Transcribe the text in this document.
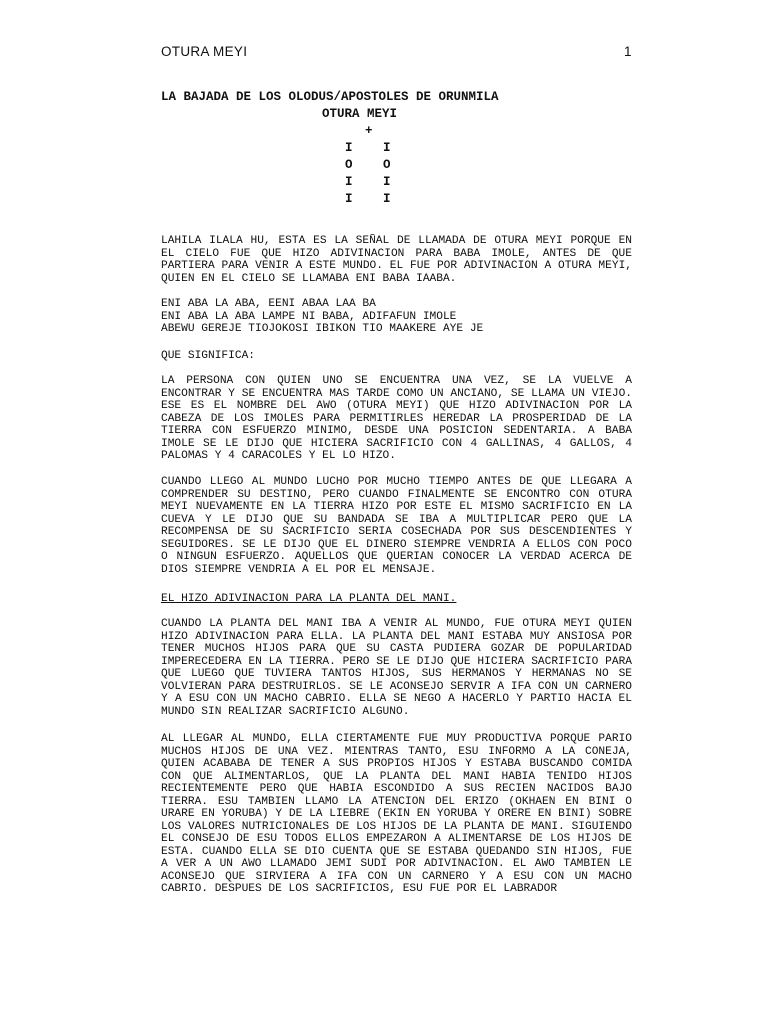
OTURA MEYI	1
LA BAJADA DE LOS OLODUS/APOSTOLES DE ORUNMILA
OTURA MEYI
+
I I
O O
I I
I I
LAHILA ILALA HU, ESTA ES LA SEÑAL DE LLAMADA DE OTURA MEYI PORQUE EN EL CIELO FUE QUE HIZO ADIVINACION PARA BABA IMOLE, ANTES DE QUE PARTIERA PARA VENIR A ESTE MUNDO. EL FUE POR ADIVINACION A OTURA MEYI, QUIEN EN EL CIELO SE LLAMABA ENI BABA IAABA.
ENI ABA LA ABA, EENI ABAA LAA BA
ENI ABA LA ABA LAMPE NI BABA, ADIFAFUN IMOLE
ABEWU GEREJE TIOJOKOSI IBIKON TIO MAAKERE AYE JE
QUE SIGNIFICA:
LA PERSONA CON QUIEN UNO SE ENCUENTRA UNA VEZ, SE LA VUELVE A ENCONTRAR Y SE ENCUENTRA MAS TARDE COMO UN ANCIANO, SE LLAMA UN VIEJO. ESE ES EL NOMBRE DEL AWO (OTURA MEYI) QUE HIZO ADIVINACION POR LA CABEZA DE LOS IMOLES PARA PERMITIRLES HEREDAR LA PROSPERIDAD DE LA TIERRA CON ESFUERZO MINIMO, DESDE UNA POSICION SEDENTARIA. A BABA IMOLE SE LE DIJO QUE HICIERA SACRIFICIO CON 4 GALLINAS, 4 GALLOS, 4 PALOMAS Y 4 CARACOLES Y EL LO HIZO.
CUANDO LLEGO AL MUNDO LUCHO POR MUCHO TIEMPO ANTES DE QUE LLEGARA A COMPRENDER SU DESTINO, PERO CUANDO FINALMENTE SE ENCONTRO CON OTURA MEYI NUEVAMENTE EN LA TIERRA HIZO POR ESTE EL MISMO SACRIFICIO EN LA CUEVA Y LE DIJO QUE SU BANDADA SE IBA A MULTIPLICAR PERO QUE LA RECOMPENSA DE SU SACRIFICIO SERIA COSECHADA POR SUS DESCENDIENTES Y SEGUIDORES. SE LE DIJO QUE EL DINERO SIEMPRE VENDRIA A ELLOS CON POCO O NINGUN ESFUERZO. AQUELLOS QUE QUERIAN CONOCER LA VERDAD ACERCA DE DIOS SIEMPRE VENDRIA A EL POR EL MENSAJE.
EL HIZO ADIVINACION PARA LA PLANTA DEL MANI.
CUANDO LA PLANTA DEL MANI IBA A VENIR AL MUNDO, FUE OTURA MEYI QUIEN HIZO ADIVINACION PARA ELLA. LA PLANTA DEL MANI ESTABA MUY ANSIOSA POR TENER MUCHOS HIJOS PARA QUE SU CASTA PUDIERA GOZAR DE POPULARIDAD IMPERECEDERA EN LA TIERRA. PERO SE LE DIJO QUE HICIERA SACRIFICIO PARA QUE LUEGO QUE TUVIERA TANTOS HIJOS, SUS HERMANOS Y HERMANAS NO SE VOLVIERAN PARA DESTRUIRLOS. SE LE ACONSEJO SERVIR A IFA CON UN CARNERO Y A ESU CON UN MACHO CABRIO. ELLA SE NEGO A HACERLO Y PARTIO HACIA EL MUNDO SIN REALIZAR SACRIFICIO ALGUNO.
AL LLEGAR AL MUNDO, ELLA CIERTAMENTE FUE MUY PRODUCTIVA PORQUE PARIO MUCHOS HIJOS DE UNA VEZ. MIENTRAS TANTO, ESU INFORMO A LA CONEJA, QUIEN ACABABA DE TENER A SUS PROPIOS HIJOS Y ESTABA BUSCANDO COMIDA CON QUE ALIMENTARLOS, QUE LA PLANTA DEL MANI HABIA TENIDO HIJOS RECIENTEMENTE PERO QUE HABIA ESCONDIDO A SUS RECIEN NACIDOS BAJO TIERRA. ESU TAMBIEN LLAMO LA ATENCION DEL ERIZO (OKHAEN EN BINI O URARE EN YORUBA) Y DE LA LIEBRE (EKIN EN YORUBA Y ORERE EN BINI) SOBRE LOS VALORES NUTRICIONALES DE LOS HIJOS DE LA PLANTA DE MANI. SIGUIENDO EL CONSEJO DE ESU TODOS ELLOS EMPEZARON A ALIMENTARSE DE LOS HIJOS DE ESTA. CUANDO ELLA SE DIO CUENTA QUE SE ESTABA QUEDANDO SIN HIJOS, FUE A VER A UN AWO LLAMADO JEMI SUDI POR ADIVINACION. EL AWO TAMBIEN LE ACONSEJO QUE SIRVIERA A IFA CON UN CARNERO Y A ESU CON UN MACHO CABRIO. DESPUES DE LOS SACRIFICIOS, ESU FUE POR EL LABRADOR
